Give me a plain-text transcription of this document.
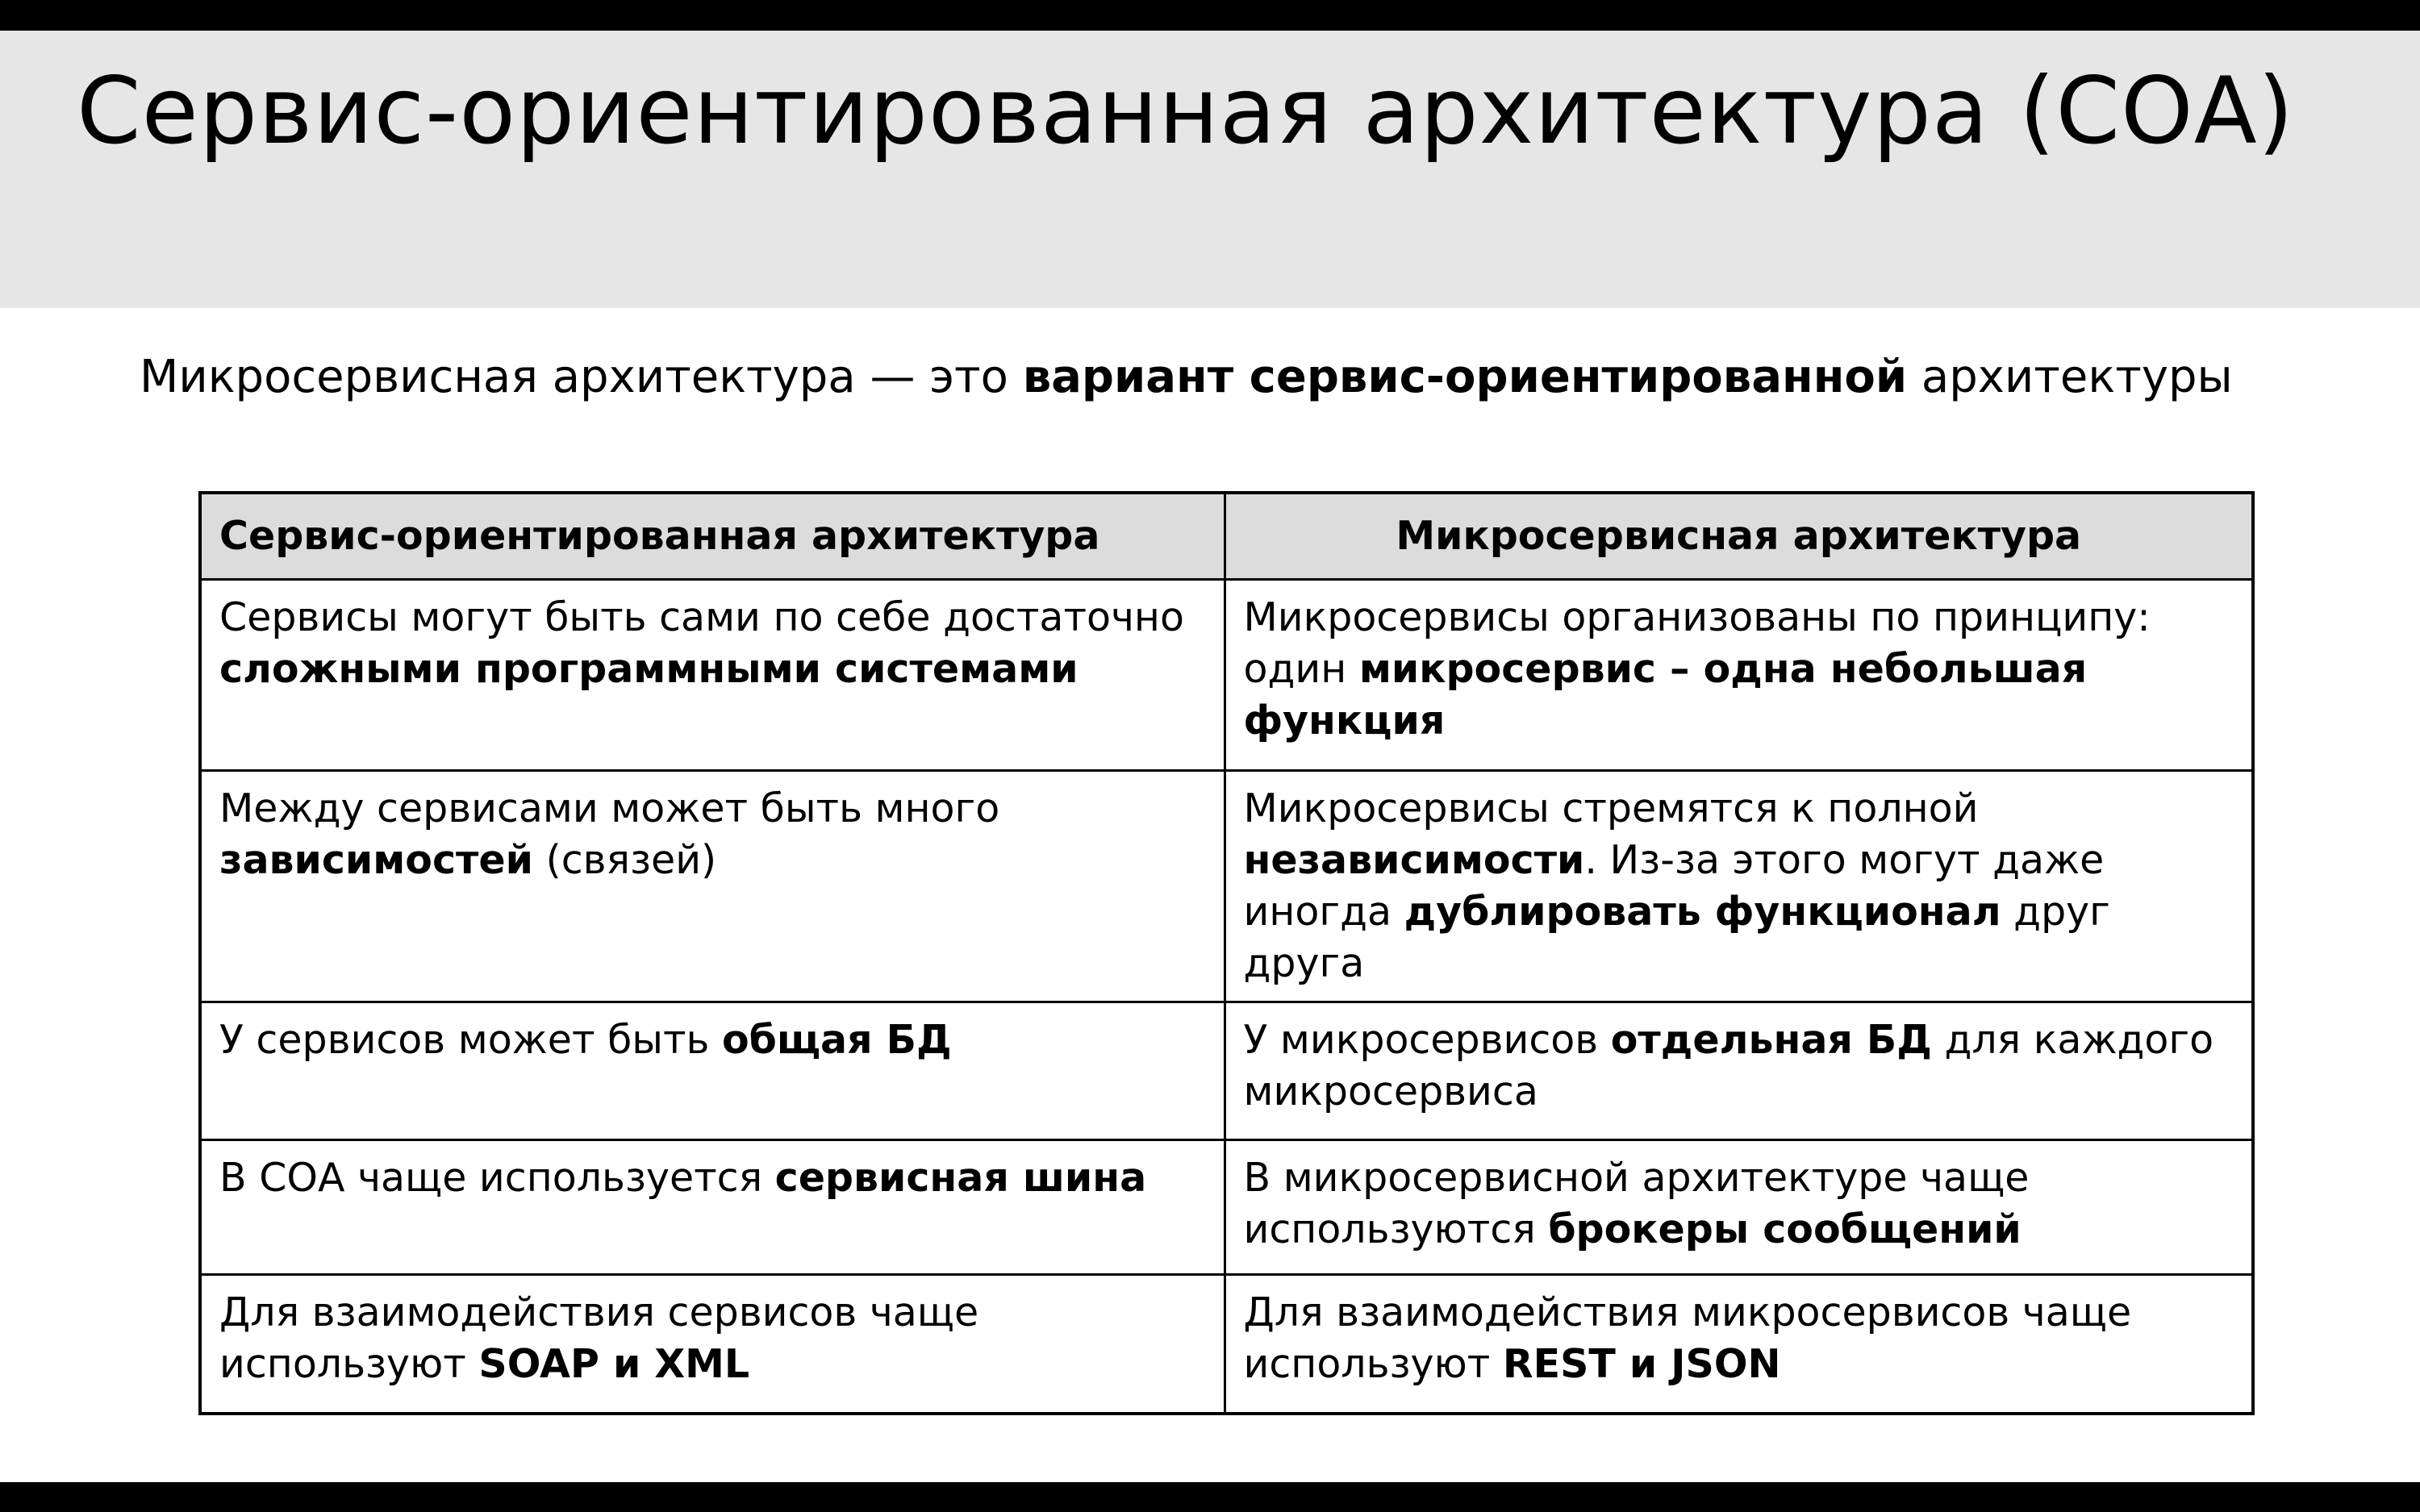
Сервис-ориентированная архитектура (СОА)

Микросервисная архитектура — это вариант сервис-ориентированной архитектуры

Сервис-ориентированная архитектура	Микросервисная архитектура
Сервисы могут быть сами по себе достаточно сложными программными системами	Микросервисы организованы по принципу: один микросервис – одна небольшая функция
Между сервисами может быть много зависимостей (связей)	Микросервисы стремятся к полной независимости. Из-за этого могут даже иногда дублировать функционал друг друга
У сервисов может быть общая БД	У микросервисов отдельная БД для каждого микросервиса
В СОА чаще используется сервисная шина	В микросервисной архитектуре чаще используются брокеры сообщений
Для взаимодействия сервисов чаще используют SOAP и XML	Для взаимодействия микросервисов чаще используют REST и JSON
